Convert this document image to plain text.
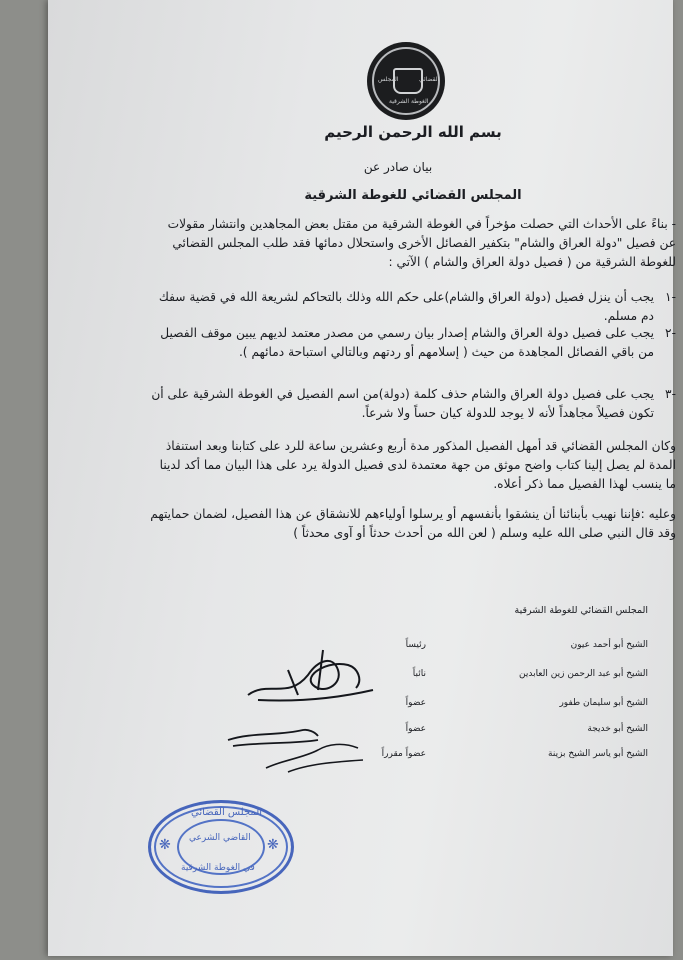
المجلس	القضائي
الغوطة الشرقية
بسم الله الرحمن الرحيم
بيان صادر عن
المجلس القضائي للغوطة الشرقية
- بناءً على الأحداث التي حصلت مؤخراً في الغوطة الشرقية من مقتل بعض المجاهدين وانتشار مقولات عن فصيل "دولة العراق والشام" بتكفير الفصائل الأخرى واستحلال دمائها فقد طلب المجلس القضائي للغوطة الشرقية من ( فصيل دولة العراق والشام ) الآتي :
-١
يجب أن ينزل فصيل (دولة العراق والشام)على حكم الله وذلك بالتحاكم لشريعة الله في قضية سفك دم مسلم.
-٢
يجب على فصيل دولة العراق والشام إصدار بيان رسمي من مصدر معتمد لديهم يبين موقف الفصيل من باقي الفصائل المجاهدة من حيث ( إسلامهم أو ردتهم وبالتالي استباحة دمائهم ).
-٣
يجب على فصيل دولة العراق والشام حذف كلمة (دولة)من اسم الفصيل في الغوطة الشرقية على أن تكون فصيلاً مجاهداً لأنه لا يوجد للدولة كيان حساً ولا شرعاً.
وكان المجلس القضائي قد أمهل الفصيل المذكور مدة أربع وعشرين ساعة للرد على كتابنا وبعد استنفاذ المدة لم يصل إلينا كتاب واضح موثق من جهة معتمدة لدى فصيل الدولة يرد على هذا البيان مما أكد لدينا ما ينسب لهذا الفصيل مما ذكر أعلاه.
وعليه :فإننا نهيب بأبنائنا أن ينشقوا بأنفسهم أو يرسلوا أولياءهم للانشقاق عن هذا الفصيل، لضمان حمايتهم وقد قال النبي صلى الله عليه وسلم ( لعن الله من أحدث حدثاً أو آوى محدثاً )
المجلس القضائي للغوطة الشرقية
الشيخ أبو أحمد عيون
رئيساً
الشيخ أبو عبد الرحمن زين العابدين
نائباً
الشيخ أبو سليمان طفور
عضواً
الشيخ أبو خديجة
عضواً
الشيخ أبو ياسر الشيخ بزينة
عضواً مقرراً
❋	❋
المجلس القضائي
القاضي الشرعي
في الغوطة الشرقية
